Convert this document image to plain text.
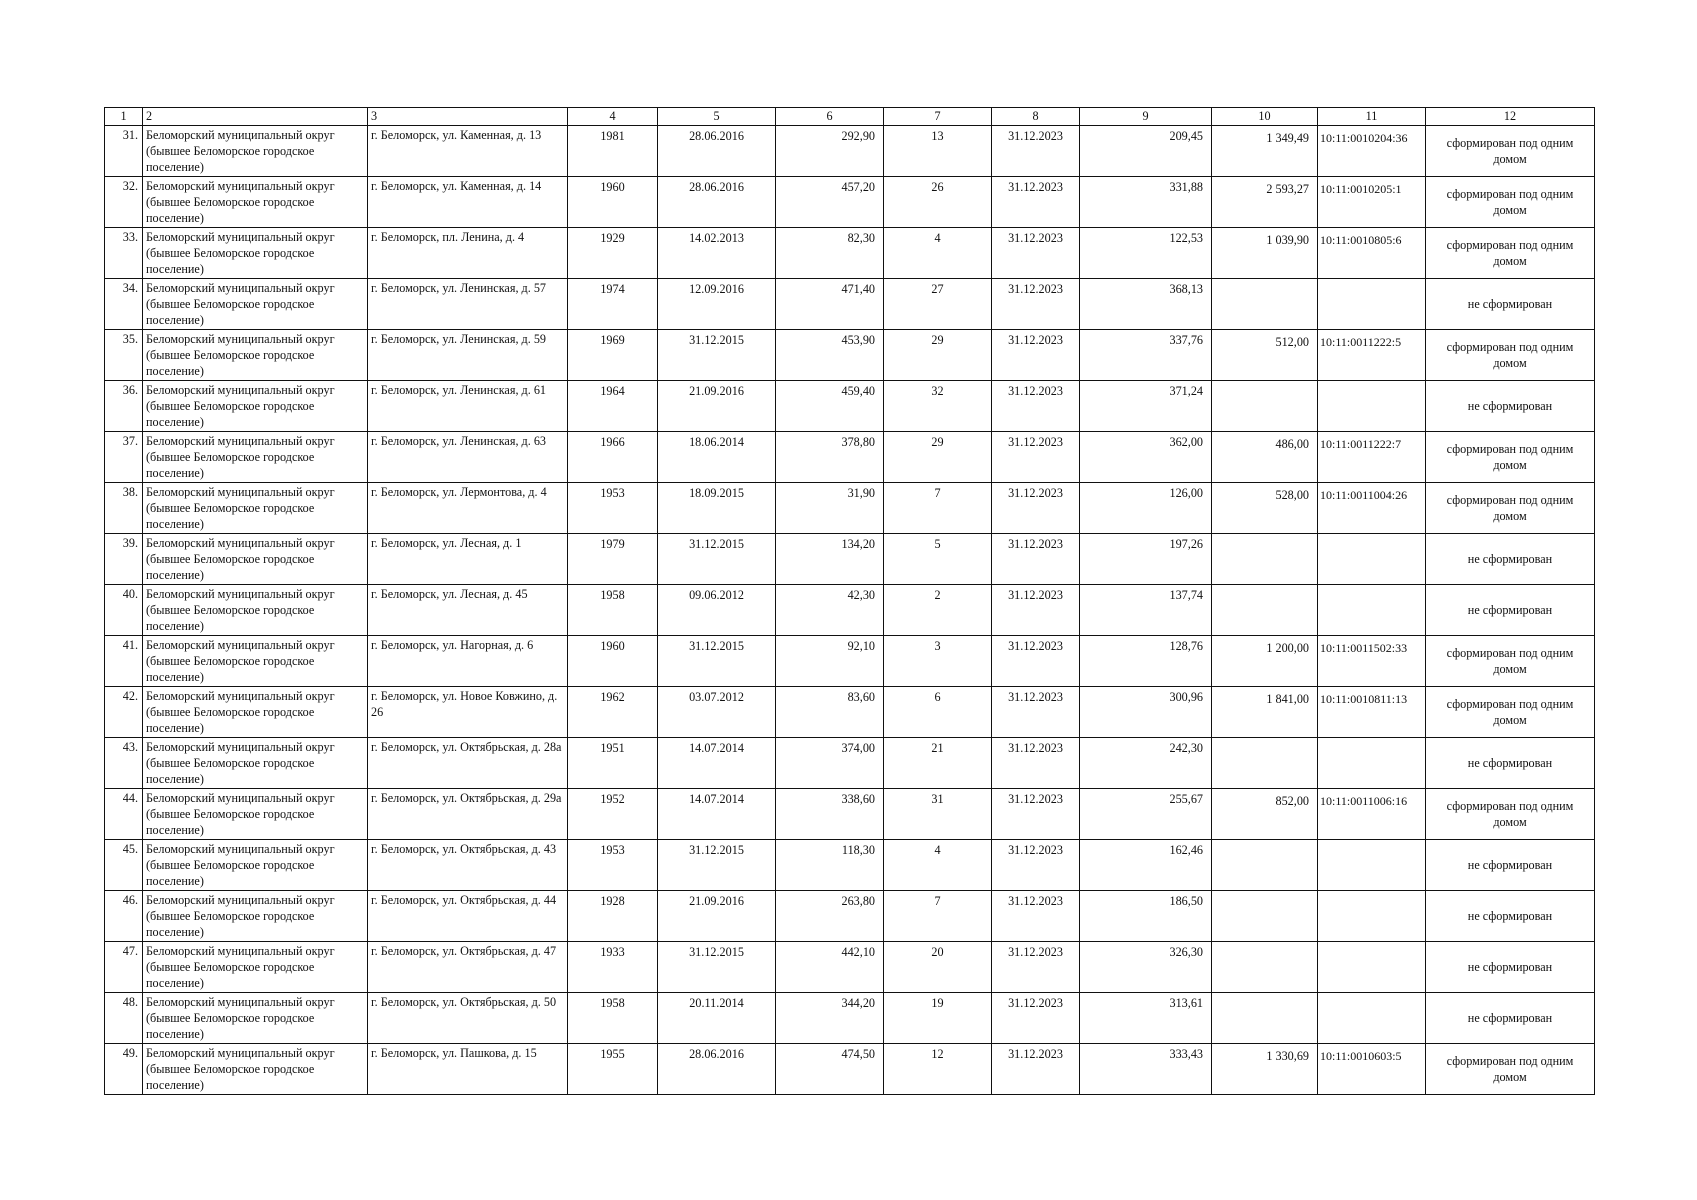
1	2	3	4	5	6	7	8	9	10	11	12
31.	Беломорский муниципальный округ (бывшее Беломорское городское поселение)	г. Беломорск, ул. Каменная, д. 13	1981	28.06.2016	292,90	13	31.12.2023	209,45	1 349,49	10:11:0010204:36	сформирован под одним домом
32.	Беломорский муниципальный округ (бывшее Беломорское городское поселение)	г. Беломорск, ул. Каменная, д. 14	1960	28.06.2016	457,20	26	31.12.2023	331,88	2 593,27	10:11:0010205:1	сформирован под одним домом
33.	Беломорский муниципальный округ (бывшее Беломорское городское поселение)	г. Беломорск, пл. Ленина, д. 4	1929	14.02.2013	82,30	4	31.12.2023	122,53	1 039,90	10:11:0010805:6	сформирован под одним домом
34.	Беломорский муниципальный округ (бывшее Беломорское городское поселение)	г. Беломорск, ул. Ленинская, д. 57	1974	12.09.2016	471,40	27	31.12.2023	368,13			не сформирован
35.	Беломорский муниципальный округ (бывшее Беломорское городское поселение)	г. Беломорск, ул. Ленинская, д. 59	1969	31.12.2015	453,90	29	31.12.2023	337,76	512,00	10:11:0011222:5	сформирован под одним домом
36.	Беломорский муниципальный округ (бывшее Беломорское городское поселение)	г. Беломорск, ул. Ленинская, д. 61	1964	21.09.2016	459,40	32	31.12.2023	371,24			не сформирован
37.	Беломорский муниципальный округ (бывшее Беломорское городское поселение)	г. Беломорск, ул. Ленинская, д. 63	1966	18.06.2014	378,80	29	31.12.2023	362,00	486,00	10:11:0011222:7	сформирован под одним домом
38.	Беломорский муниципальный округ (бывшее Беломорское городское поселение)	г. Беломорск, ул. Лермонтова, д. 4	1953	18.09.2015	31,90	7	31.12.2023	126,00	528,00	10:11:0011004:26	сформирован под одним домом
39.	Беломорский муниципальный округ (бывшее Беломорское городское поселение)	г. Беломорск, ул. Лесная, д. 1	1979	31.12.2015	134,20	5	31.12.2023	197,26			не сформирован
40.	Беломорский муниципальный округ (бывшее Беломорское городское поселение)	г. Беломорск, ул. Лесная, д. 45	1958	09.06.2012	42,30	2	31.12.2023	137,74			не сформирован
41.	Беломорский муниципальный округ (бывшее Беломорское городское поселение)	г. Беломорск, ул. Нагорная, д. 6	1960	31.12.2015	92,10	3	31.12.2023	128,76	1 200,00	10:11:0011502:33	сформирован под одним домом
42.	Беломорский муниципальный округ (бывшее Беломорское городское поселение)	г. Беломорск, ул. Новое Ковжино, д. 26	1962	03.07.2012	83,60	6	31.12.2023	300,96	1 841,00	10:11:0010811:13	сформирован под одним домом
43.	Беломорский муниципальный округ (бывшее Беломорское городское поселение)	г. Беломорск, ул. Октябрьская, д. 28а	1951	14.07.2014	374,00	21	31.12.2023	242,30			не сформирован
44.	Беломорский муниципальный округ (бывшее Беломорское городское поселение)	г. Беломорск, ул. Октябрьская, д. 29а	1952	14.07.2014	338,60	31	31.12.2023	255,67	852,00	10:11:0011006:16	сформирован под одним домом
45.	Беломорский муниципальный округ (бывшее Беломорское городское поселение)	г. Беломорск, ул. Октябрьская, д. 43	1953	31.12.2015	118,30	4	31.12.2023	162,46			не сформирован
46.	Беломорский муниципальный округ (бывшее Беломорское городское поселение)	г. Беломорск, ул. Октябрьская, д. 44	1928	21.09.2016	263,80	7	31.12.2023	186,50			не сформирован
47.	Беломорский муниципальный округ (бывшее Беломорское городское поселение)	г. Беломорск, ул. Октябрьская, д. 47	1933	31.12.2015	442,10	20	31.12.2023	326,30			не сформирован
48.	Беломорский муниципальный округ (бывшее Беломорское городское поселение)	г. Беломорск, ул. Октябрьская, д. 50	1958	20.11.2014	344,20	19	31.12.2023	313,61			не сформирован
49.	Беломорский муниципальный округ (бывшее Беломорское городское поселение)	г. Беломорск, ул. Пашкова, д. 15	1955	28.06.2016	474,50	12	31.12.2023	333,43	1 330,69	10:11:0010603:5	сформирован под одним домом
